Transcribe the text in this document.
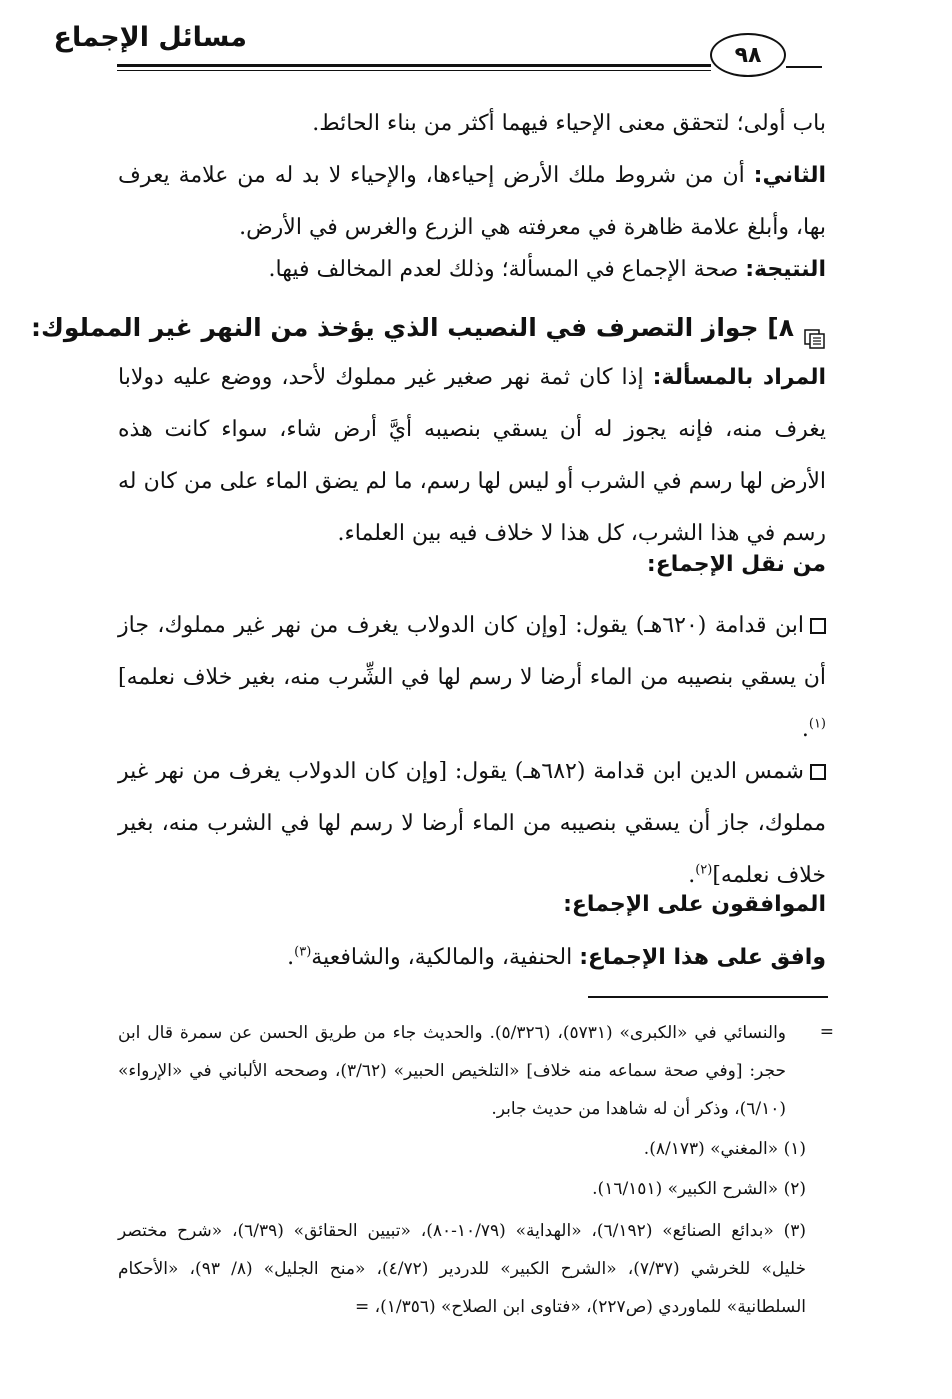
مسائل الإجماع
٩٨
باب أولى؛ لتحقق معنى الإحياء فيهما أكثر من بناء الحائط.
الثاني: أن من شروط ملك الأرض إحياءها، والإحياء لا بد له من علامة يعرف بها، وأبلغ علامة ظاهرة في معرفته هي الزرع والغرس في الأرض.
النتيجة: صحة الإجماع في المسألة؛ وذلك لعدم المخالف فيها.
٨] جواز التصرف في النصيب الذي يؤخذ من النهر غير المملوك:
المراد بالمسألة: إذا كان ثمة نهر صغير غير مملوك لأحد، ووضع عليه دولابا يغرف منه، فإنه يجوز له أن يسقي بنصيبه أيَّ أرض شاء، سواء كانت هذه الأرض لها رسم في الشرب أو ليس لها رسم، ما لم يضق الماء على من كان له رسم في هذا الشرب، كل هذا لا خلاف فيه بين العلماء.
من نقل الإجماع:
ابن قدامة (٦٢٠هـ) يقول: [وإن كان الدولاب يغرف من نهر غير مملوك، جاز أن يسقي بنصيبه من الماء أرضا لا رسم لها في الشِّرب منه، بغير خلاف نعلمه]$^{(١)}$.
شمس الدين ابن قدامة (٦٨٢هـ) يقول: [وإن كان الدولاب يغرف من نهر غير مملوك، جاز أن يسقي بنصيبه من الماء أرضا لا رسم لها في الشرب منه، بغير خلاف نعلمه]$^{(٢)}$.
الموافقون على الإجماع:
وافق على هذا الإجماع: الحنفية، والمالكية، والشافعية$^{(٣)}$.
=
والنسائي في «الكبرى» (٥٧٣١)، (٥/٣٢٦). والحديث جاء من طريق الحسن عن سمرة قال ابن حجر: [وفي صحة سماعه منه خلاف] «التلخيص الحبير» (٣/٦٢)، وصححه الألباني في «الإرواء» (٦/١٠)، وذكر أن له شاهدا من حديث جابر.
(١) «المغني» (٨/١٧٣).
(٢) «الشرح الكبير» (١٦/١٥١).
(٣) «بدائع الصنائع» (٦/١٩٢)، «الهداية» (١٠/٧٩-٨٠)، «تبيين الحقائق» (٦/٣٩)، «شرح مختصر خليل» للخرشي (٧/٣٧)، «الشرح الكبير» للدردير (٤/٧٢)، «منح الجليل» (٨/ ٩٣)، «الأحكام السلطانية» للماوردي (ص٢٢٧)، «فتاوى ابن الصلاح» (١/٣٥٦)، =
